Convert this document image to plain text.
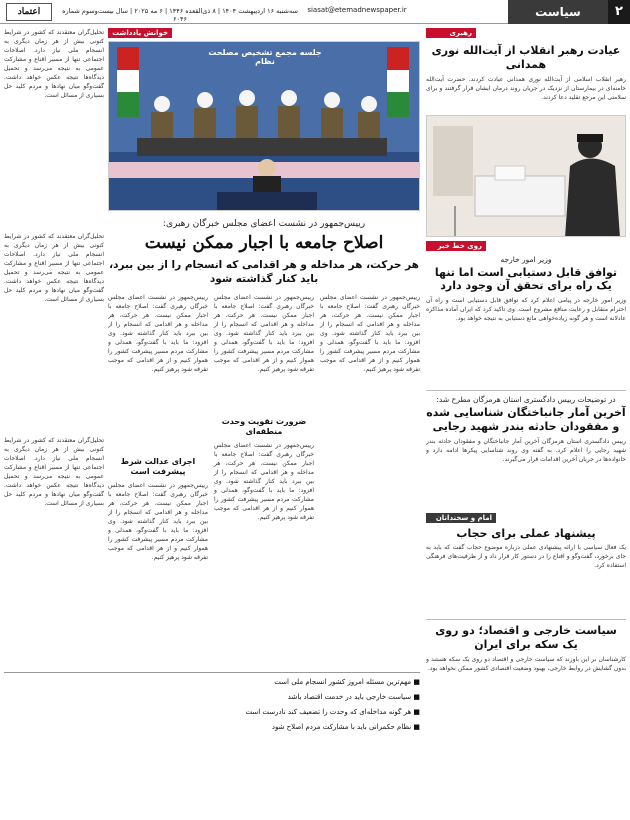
۲
سیاست
siasat@etemadnewspaper.ir
سه‌شنبه ۱۶ اردیبهشت ۱۴۰۴ | ۸ ذی‌القعده ۱۴۴۶ | ۶ مه ۲۰۲۵ | سال بیست‌وسوم شماره ۶۰۴۶
اعتماد
رهبری
عیادت رهبر انقلاب از آیت‌الله نوری همدانی
رهبر انقلاب اسلامی از آیت‌الله نوری همدانی عیادت کردند. حضرت آیت‌الله خامنه‌ای در بیمارستان از نزدیک در جریان روند درمان ایشان قرار گرفتند و برای سلامتی این مرجع تقلید دعا کردند.
روی خط خبر
وزیر امور خارجه
توافق قابل دستیابی است اما تنها یک راه برای تحقق آن وجود دارد
وزیر امور خارجه در پیامی اعلام کرد که توافق قابل دستیابی است و راه آن احترام متقابل و رعایت منافع مشروع است. وی تاکید کرد که ایران آماده مذاکره عادلانه است و هر گونه زیاده‌خواهی مانع دستیابی به نتیجه خواهد بود.
در توضیحات رییس دادگستری استان هرمزگان مطرح شد:
آخرین آمار جانباختگان شناسایی شده و مفقودان حادثه بندر شهید رجایی
رییس دادگستری استان هرمزگان آخرین آمار جانباختگان و مفقودان حادثه بندر شهید رجایی را اعلام کرد. به گفته وی روند شناسایی پیکرها ادامه دارد و خانواده‌ها در جریان آخرین اقدامات قرار می‌گیرند.
امام و سخندانان
پیشنهاد عملی برای حجاب
یک فعال سیاسی با ارائه پیشنهادی عملی درباره موضوع حجاب گفت که باید به جای برخورد، گفت‌وگو و اقناع را در دستور کار قرار داد و از ظرفیت‌های فرهنگی استفاده کرد.
سیاست خارجی و اقتصاد؛ دو روی یک سکه برای ایران
کارشناسان بر این باورند که سیاست خارجی و اقتصاد دو روی یک سکه هستند و بدون گشایش در روابط خارجی، بهبود وضعیت اقتصادی کشور ممکن نخواهد بود.
خوانش یادداشت
جلسه مجمع تشخیص مصلحت نظام
رییس‌جمهور در نشست اعضای مجلس خبرگان رهبری:
اصلاح جامعه با اجبار ممکن نیست
هر حرکت، هر مداخله و هر اقدامی که انسجام را از بین ببرد، باید کنار گذاشته شود
رییس‌جمهور در نشست اعضای مجلس خبرگان رهبری گفت: اصلاح جامعه با اجبار ممکن نیست. هر حرکت، هر مداخله و هر اقدامی که انسجام را از بین ببرد باید کنار گذاشته شود. وی افزود: ما باید با گفت‌وگو، همدلی و مشارکت مردم مسیر پیشرفت کشور را هموار کنیم و از هر اقدامی که موجب تفرقه شود پرهیز کنیم.
رییس‌جمهور در نشست اعضای مجلس خبرگان رهبری گفت: اصلاح جامعه با اجبار ممکن نیست. هر حرکت، هر مداخله و هر اقدامی که انسجام را از بین ببرد باید کنار گذاشته شود. وی افزود: ما باید با گفت‌وگو، همدلی و مشارکت مردم مسیر پیشرفت کشور را هموار کنیم و از هر اقدامی که موجب تفرقه شود پرهیز کنیم.
ضرورت تقویت وحدت منطقه‌ای
رییس‌جمهور در نشست اعضای مجلس خبرگان رهبری گفت: اصلاح جامعه با اجبار ممکن نیست. هر حرکت، هر مداخله و هر اقدامی که انسجام را از بین ببرد باید کنار گذاشته شود. وی افزود: ما باید با گفت‌وگو، همدلی و مشارکت مردم مسیر پیشرفت کشور را هموار کنیم و از هر اقدامی که موجب تفرقه شود پرهیز کنیم.
رییس‌جمهور در نشست اعضای مجلس خبرگان رهبری گفت: اصلاح جامعه با اجبار ممکن نیست. هر حرکت، هر مداخله و هر اقدامی که انسجام را از بین ببرد باید کنار گذاشته شود. وی افزود: ما باید با گفت‌وگو، همدلی و مشارکت مردم مسیر پیشرفت کشور را هموار کنیم و از هر اقدامی که موجب تفرقه شود پرهیز کنیم.
اجرای عدالت شرط پیشرفت است
رییس‌جمهور در نشست اعضای مجلس خبرگان رهبری گفت: اصلاح جامعه با اجبار ممکن نیست. هر حرکت، هر مداخله و هر اقدامی که انسجام را از بین ببرد باید کنار گذاشته شود. وی افزود: ما باید با گفت‌وگو، همدلی و مشارکت مردم مسیر پیشرفت کشور را هموار کنیم و از هر اقدامی که موجب تفرقه شود پرهیز کنیم.
تحلیل‌گران معتقدند که کشور در شرایط کنونی بیش از هر زمان دیگری به انسجام ملی نیاز دارد. اصلاحات اجتماعی تنها از مسیر اقناع و مشارکت عمومی به نتیجه می‌رسد و تحمیل دیدگاه‌ها نتیجه عکس خواهد داشت. گفت‌وگو میان نهادها و مردم کلید حل بسیاری از مسائل است.
تحلیل‌گران معتقدند که کشور در شرایط کنونی بیش از هر زمان دیگری به انسجام ملی نیاز دارد. اصلاحات اجتماعی تنها از مسیر اقناع و مشارکت عمومی به نتیجه می‌رسد و تحمیل دیدگاه‌ها نتیجه عکس خواهد داشت. گفت‌وگو میان نهادها و مردم کلید حل بسیاری از مسائل است.
تحلیل‌گران معتقدند که کشور در شرایط کنونی بیش از هر زمان دیگری به انسجام ملی نیاز دارد. اصلاحات اجتماعی تنها از مسیر اقناع و مشارکت عمومی به نتیجه می‌رسد و تحمیل دیدگاه‌ها نتیجه عکس خواهد داشت. گفت‌وگو میان نهادها و مردم کلید حل بسیاری از مسائل است.
■ مهم‌ترین مسئله امروز کشور انسجام ملی است
■ سیاست خارجی باید در خدمت اقتصاد باشد
■ هر گونه مداخله‌ای که وحدت را تضعیف کند نادرست است
■ نظام حکمرانی باید با مشارکت مردم اصلاح شود
